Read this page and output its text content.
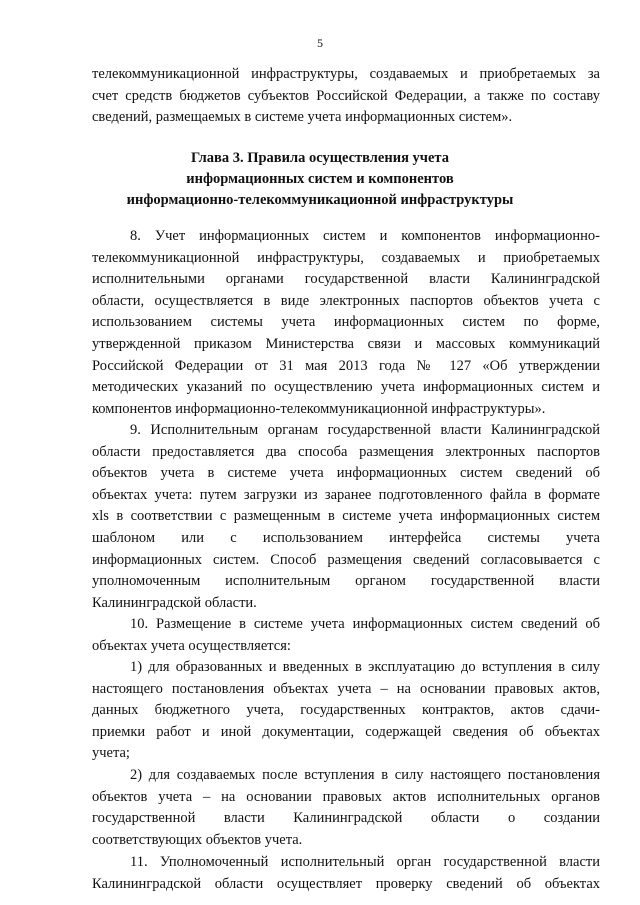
5
телекоммуникационной инфраструктуры, создаваемых и приобретаемых за
счет средств бюджетов субъектов Российской Федерации, а также по составу
сведений, размещаемых в системе учета информационных систем».
Глава 3. Правила осуществления учета
информационных систем и компонентов
информационно-телекоммуникационной инфраструктуры
8. Учет информационных систем и компонентов информационно-
телекоммуникационной инфраструктуры, создаваемых и приобретаемых
исполнительными органами государственной власти Калининградской
области, осуществляется в виде электронных паспортов объектов учета с
использованием системы учета информационных систем по форме,
утвержденной приказом Министерства связи и массовых коммуникаций
Российской Федерации от 31 мая 2013 года № 127 «Об утверждении
методических указаний по осуществлению учета информационных систем и
компонентов информационно-телекоммуникационной инфраструктуры».
9. Исполнительным органам государственной власти Калининградской
области предоставляется два способа размещения электронных паспортов
объектов учета в системе учета информационных систем сведений об
объектах учета: путем загрузки из заранее подготовленного файла в формате
xls в соответствии с размещенным в системе учета информационных систем
шаблоном или с использованием интерфейса системы учета
информационных систем. Способ размещения сведений согласовывается с
уполномоченным исполнительным органом государственной власти
Калининградской области.
10. Размещение в системе учета информационных систем сведений об
объектах учета осуществляется:
1) для образованных и введенных в эксплуатацию до вступления в силу
настоящего постановления объектах учета – на основании правовых актов,
данных бюджетного учета, государственных контрактов, актов сдачи-
приемки работ и иной документации, содержащей сведения об объектах
учета;
2) для создаваемых после вступления в силу настоящего постановления
объектов учета – на основании правовых актов исполнительных органов
государственной власти Калининградской области о создании
соответствующих объектов учета.
11. Уполномоченный исполнительный орган государственной власти
Калининградской области осуществляет проверку сведений об объектах
